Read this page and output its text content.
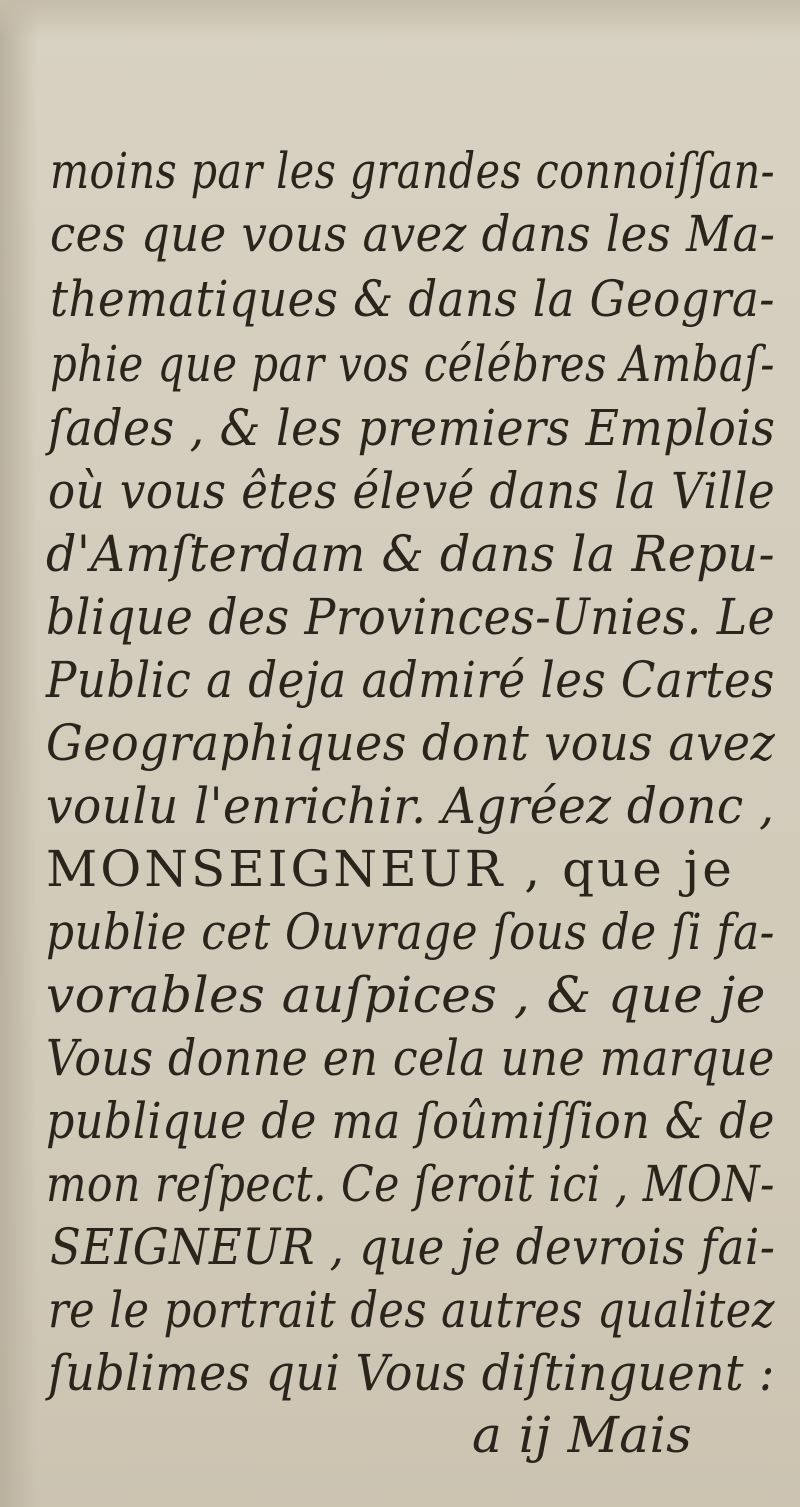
moins par les grandes connoiſſan-
ces que vous avez dans les Ma-
thematiques & dans la Geogra-
phie que par vos célébres Ambaſ-
ſades , & les premiers Emplois
où vous êtes élevé dans la Ville
d'Amſterdam & dans la Repu-
blique des Provinces-Unies. Le
Public a deja admiré les Cartes
Geographiques dont vous avez
voulu l'enrichir. Agréez donc ,
MONSEIGNEUR , que je
publie cet Ouvrage ſous de ſi fa-
vorables auſpices , & que je
Vous donne en cela une marque
publique de ma ſoûmiſſion & de
mon reſpect. Ce ſeroit ici , MON-
SEIGNEUR , que je devrois fai-
re le portrait des autres qualitez
ſublimes qui Vous diſtinguent :
a ij Mais
